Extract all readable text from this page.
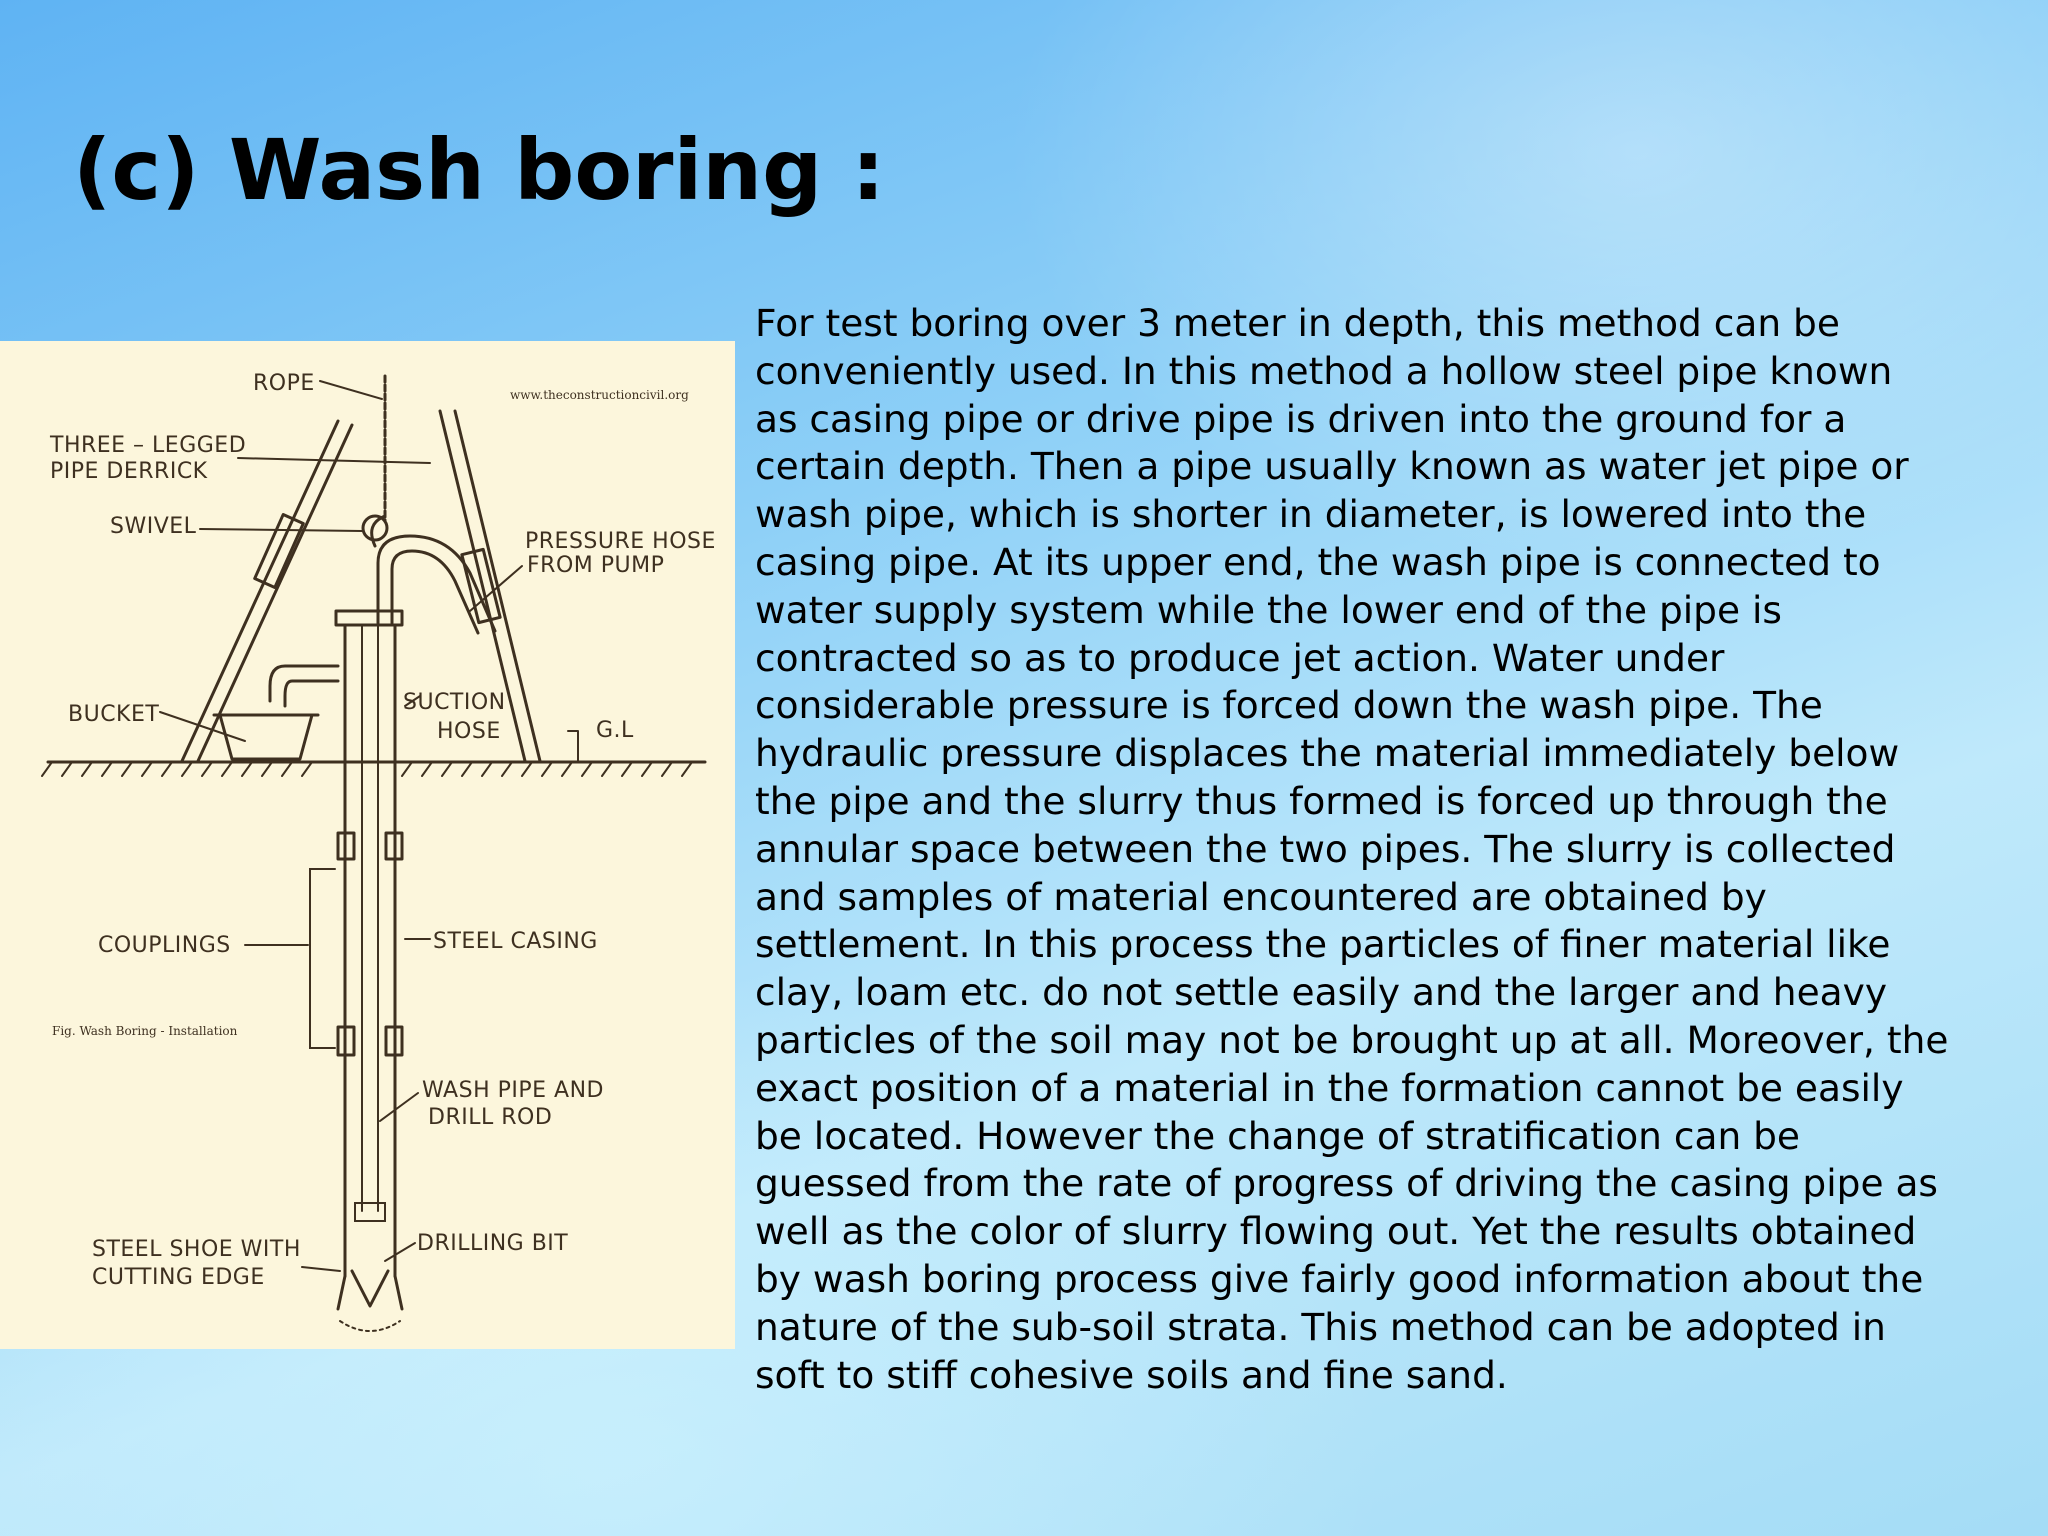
(c) Wash boring :
ROPE
THREE – LEGGED
PIPE DERRICK
SWIVEL
PRESSURE HOSE
FROM PUMP
BUCKET	SUCTION
HOSE	G.L
COUPLINGS	STEEL CASING
WASH PIPE AND
DRILL ROD
STEEL SHOE WITH
CUTTING EDGE
DRILLING BIT
www.theconstructioncivil.org
Fig. Wash Boring - Installation
For test boring over 3 meter in depth, this method can be
conveniently used. In this method a hollow steel pipe known
as casing pipe or drive pipe is driven into the ground for a
certain depth. Then a pipe usually known as water jet pipe or
wash pipe, which is shorter in diameter, is lowered into the
casing pipe. At its upper end, the wash pipe is connected to
water supply system while the lower end of the pipe is
contracted so as to produce jet action. Water under
considerable pressure is forced down the wash pipe. The
hydraulic pressure displaces the material immediately below
the pipe and the slurry thus formed is forced up through the
annular space between the two pipes. The slurry is collected
and samples of material encountered are obtained by
settlement. In this process the particles of finer material like
clay, loam etc. do not settle easily and the larger and heavy
particles of the soil may not be brought up at all. Moreover, the
exact position of a material in the formation cannot be easily
be located. However the change of stratification can be
guessed from the rate of progress of driving the casing pipe as
well as the color of slurry flowing out. Yet the results obtained
by wash boring process give fairly good information about the
nature of the sub-soil strata. This method can be adopted in
soft to stiff cohesive soils and fine sand.
